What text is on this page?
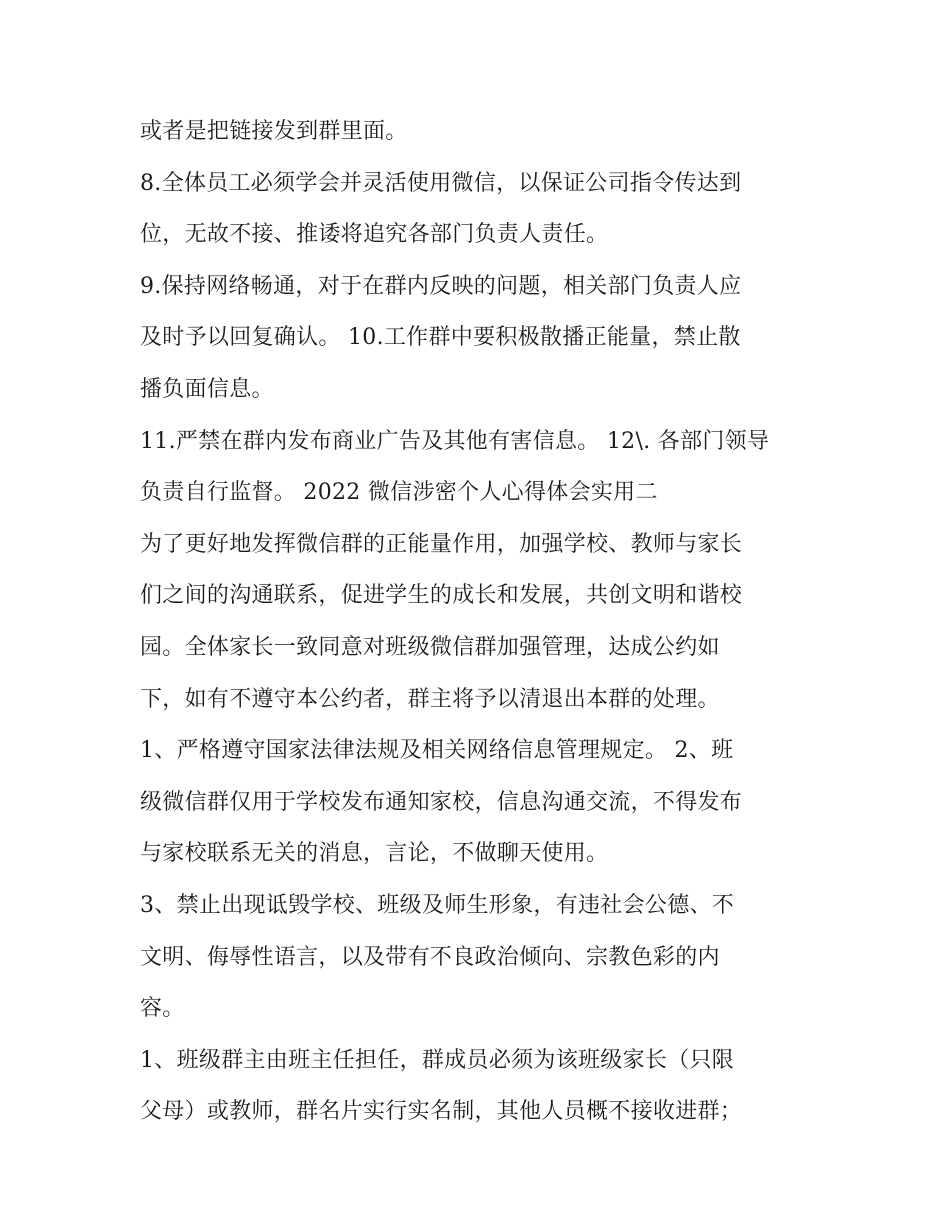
或者是把链接发到群里面。
8.全体员工必须学会并灵活使用微信，以保证公司指令传达到
位，无故不接、推诿将追究各部门负责人责任。
9.保持网络畅通，对于在群内反映的问题，相关部门负责人应
及时予以回复确认。 10.工作群中要积极散播正能量，禁止散
播负面信息。
11.严禁在群内发布商业广告及其他有害信息。 12\. 各部门领导
负责自行监督。 2022 微信涉密个人心得体会实用二
为了更好地发挥微信群的正能量作用，加强学校、教师与家长
们之间的沟通联系，促进学生的成长和发展，共创文明和谐校
园。全体家长一致同意对班级微信群加强管理，达成公约如
下，如有不遵守本公约者，群主将予以清退出本群的处理。
1、严格遵守国家法律法规及相关网络信息管理规定。 2、班
级微信群仅用于学校发布通知家校，信息沟通交流，不得发布
与家校联系无关的消息，言论，不做聊天使用。
3、禁止出现诋毁学校、班级及师生形象，有违社会公德、不
文明、侮辱性语言，以及带有不良政治倾向、宗教色彩的内
容。
1、班级群主由班主任担任，群成员必须为该班级家长（只限
父母）或教师，群名片实行实名制，其他人员概不接收进群；
